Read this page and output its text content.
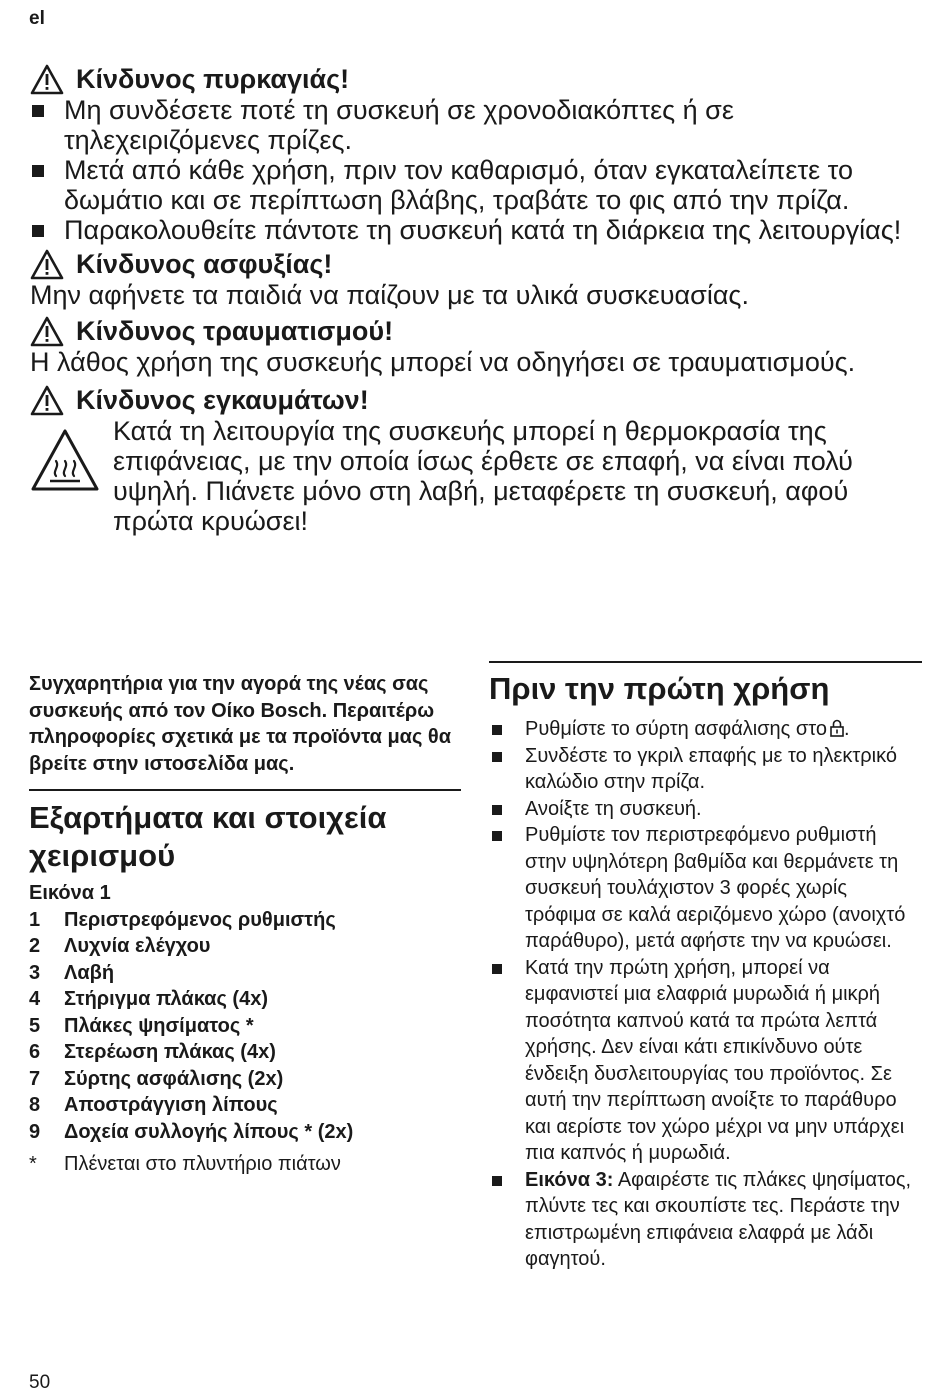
el
Κίνδυνος πυρκαγιάς!
Μη συνδέσετε ποτέ τη συσκευή σε χρονοδιακόπτες ή σε τηλεχειριζόμενες πρίζες.
Μετά από κάθε χρήση, πριν τον καθαρισμό, όταν εγκαταλείπετε το δωμάτιο και σε περίπτωση βλάβης, τραβάτε το φις από την πρίζα.
Παρακολουθείτε πάντοτε τη συσκευή κατά τη διάρκεια της λειτουργίας!
Κίνδυνος ασφυξίας!

Μην αφήνετε τα παιδιά να παίζουν με τα υλικά συσκευασίας.

Κίνδυνος τραυματισμού!

Η λάθος χρήση της συσκευής μπορεί να οδηγήσει σε τραυματισμούς.

Κίνδυνος εγκαυμάτων!

Κατά τη λειτουργία της συσκευής μπορεί η θερμοκρασία της επιφάνειας, με την οποία ίσως έρθετε σε επαφή, να είναι πολύ υψηλή. Πιάνετε μόνο στη λαβή, μεταφέρετε τη συσκευή, αφού πρώτα κρυώσει!

Συγχαρητήρια για την αγορά της νέας σας συσκευής από τον Οίκο Bosch. Περαιτέρω πληροφορίες σχετικά με τα προϊόντα μας θα βρείτε στην ιστοσελίδα μας.

Εξαρτήματα και στοιχεία
χειρισμού
Εικόνα 1
1	Περιστρεφόμενος ρυθμιστής
2	Λυχνία ελέγχου
3	Λαβή
4	Στήριγμα πλάκας (4x)
5	Πλάκες ψησίματος *
6	Στερέωση πλάκας (4x)
7	Σύρτης ασφάλισης (2x)
8	Αποστράγγιση λίπους
9	Δοχεία συλλογής λίπους * (2x)
*	Πλένεται στο πλυντήριο πιάτων
Πριν την πρώτη χρήση
Ρυθμίστε το σύρτη ασφάλισης στο .
Συνδέστε το γκριλ επαφής με το ηλεκτρικό καλώδιο στην πρίζα.
Ανοίξτε τη συσκευή.
Ρυθμίστε τον περιστρεφόμενο ρυθμιστή στην υψηλότερη βαθμίδα και θερμάνετε τη συσκευή τουλάχιστον 3 φορές χωρίς τρόφιμα σε καλά αεριζόμενο χώρο (ανοιχτό παράθυρο), μετά αφήστε την να κρυώσει.
Κατά την πρώτη χρήση, μπορεί να εμφανιστεί μια ελαφριά μυρωδιά ή μικρή ποσότητα καπνού κατά τα πρώτα λεπτά χρήσης. Δεν είναι κάτι επικίνδυνο ούτε ένδειξη δυσλειτουργίας του προϊόντος. Σε αυτή την περίπτωση ανοίξτε το παράθυρο και αερίστε τον χώρο μέχρι να μην υπάρχει πια καπνός ή μυρωδιά.
Εικόνα 3: Αφαιρέστε τις πλάκες ψησίματος, πλύντε τες και σκουπίστε τες. Περάστε την επιστρωμένη επιφάνεια ελαφρά με λάδι φαγητού.
50
